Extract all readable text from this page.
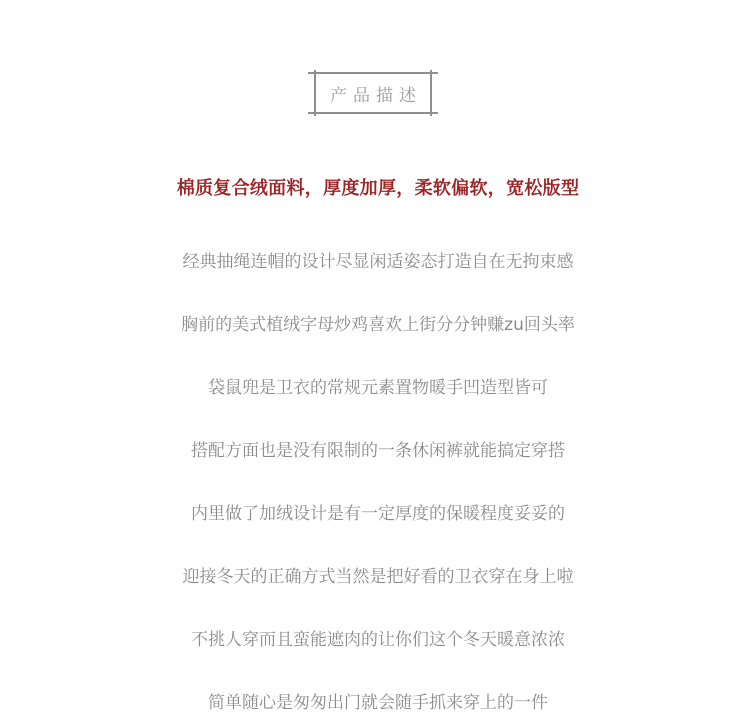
产品描述
棉质复合绒面料，厚度加厚，柔软偏软，宽松版型
经典抽绳连帽的设计尽显闲适姿态打造自在无拘束感
胸前的美式植绒字母炒鸡喜欢上街分分钟赚zu回头率
袋鼠兜是卫衣的常规元素置物暖手凹造型皆可
搭配方面也是没有限制的一条休闲裤就能搞定穿搭
内里做了加绒设计是有一定厚度的保暖程度妥妥的
迎接冬天的正确方式当然是把好看的卫衣穿在身上啦
不挑人穿而且蛮能遮肉的让你们这个冬天暖意浓浓
简单随心是匆匆出门就会随手抓来穿上的一件
